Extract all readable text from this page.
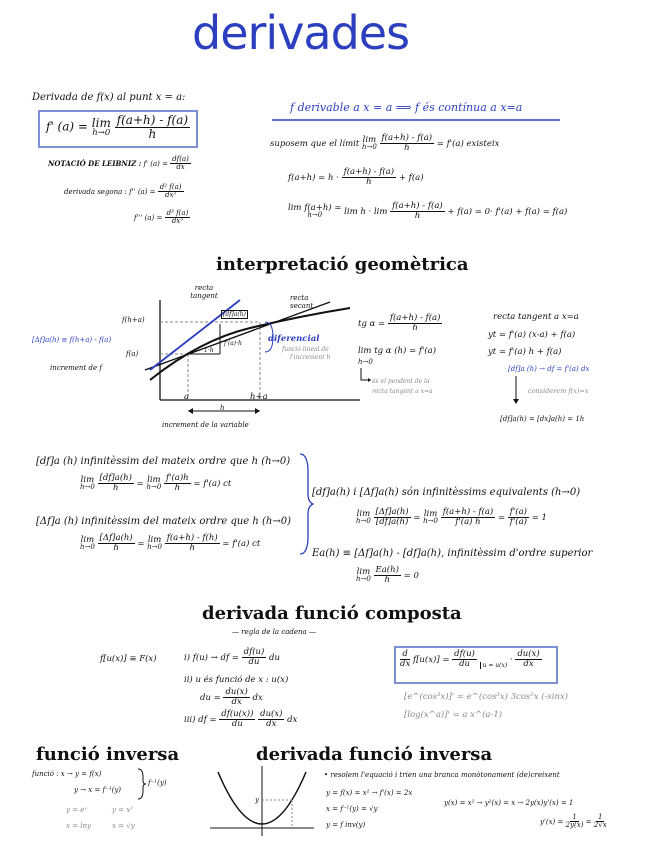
derivades
Derivada de f(x) al punt x = a:
f' (a) = lim
h→0
$\frac{f(a+h) - f(a)}{h}$
NOTACIÓ DE LEIBNIZ : f' $(a) = \frac{df(a)}{dx}$
derivada segona : f'' $(a) = \frac{\text{d² f(a)}}{\text{dx²}}$
f''' $(a) = \frac{\text{d³ f(a)}}{\text{dx³}}$
f derivable a x = a ⟹ f és contínua a x=a
suposem que el límit lim
h→0
$\frac{f(a+h) - f(a)}{h} = f'(a)$ existeix
$f(a+h) = h \cdot \frac{f(a+h) - f(a)}{h} + f(a)$
lim f(a+h) =
h→0	$\lim h \cdot \lim \frac{f(a+h) - f(a)}{h} + f(a) = 0\cdot f'(a) + f(a) = f(a)$
interpretació geomètrica
recta tangent	recta secant
f(h+a)
f(a)
[df]a(h)
1·h
f'(a)·h
[Δf]a(h) ≡ f(h+a) - f(a)
increment de f
diferencial
funció lineal de
l'increment h
a	h+a
h
increment de la variable
tg $\alpha = \frac{f(a+h) - f(a)}{h}$
lim tg α (h) = f'(a)
h→0
és el pendent de la
recta tangent a x=a
recta tangent a x=a
yt = f'(a) (x-a) + f(a)
yt = f'(a) h + f(a)
[df]a (h) → df = f'(a) dx
considerem f(x)=x
[df]a(h) = [dx]a(h) = 1h
[df]a (h) infinitèssim del mateix ordre que h (h→0)
lim
h→0
$\frac{[df]a(h)}{h} = \lim$
h→0
$\frac{f'(a)h}{h} = f'(a)$ ct
[Δf]a (h) infinitèssim del mateix ordre que h (h→0)
lim
h→0
$\frac{[\Delta f]a(h)}{h} = \lim$
h→0
$\frac{f(a+h) - f(h)}{h} = f'(a)$ ct
[df]a(h) i [Δf]a(h) són infinitèssims equivalents (h→0)
lim
h→0
$\frac{[\Delta f]a(h)}{[df]a(h)} = \lim$
h→0
$\frac{f(a+h) - f(a)}{f'(a) h} = \frac{f'(a)}{f'(a)} = 1$
Ea(h) ≡ [Δf]a(h) - [df]a(h), infinitèssim d'ordre superior
lim
h→0
$\frac{Ea(h)}{h} = 0$
derivada funció composta
— regla de la cadena —
f[u(x)] ≡ F(x)	i) f(u) → df = $\frac{df(u)}{du}$ du
ii) u és funció de x : u(x)
du = $\frac{du(x)}{dx}$ dx
iii) df = $\frac{df(u(x))}{du}$
$\frac{du(x)}{dx}$ dx
$\frac{d}{dx} f[u(x)] = \frac{df(u)}{du}$ $u = u(x) \cdot \frac{du(x)}{dx}$
[e^(cos³x)]' = e^(cos³x) 3cos²x (-sinx)
[log(x^a)]' = a x^(a-1)
funció inversa
funció : x → y = f(x)
y → x = f⁻¹(y)
f⁻¹(y)
y = eˣ	y = x²
x = lny	x = √y
derivada funció inversa
y
• resolem l'equació i trien una branca monòtonament (de)creixent
y = f(x) = x² → f'(x) = 2x
x = f⁻¹(y) = √y
y = f inv(y)
y(x) = x² → y²(x) = x → 2y(x)y'(x) = 1
$y'(x) = \frac{1}{2y(x)} = \frac{1}{2√x}$
